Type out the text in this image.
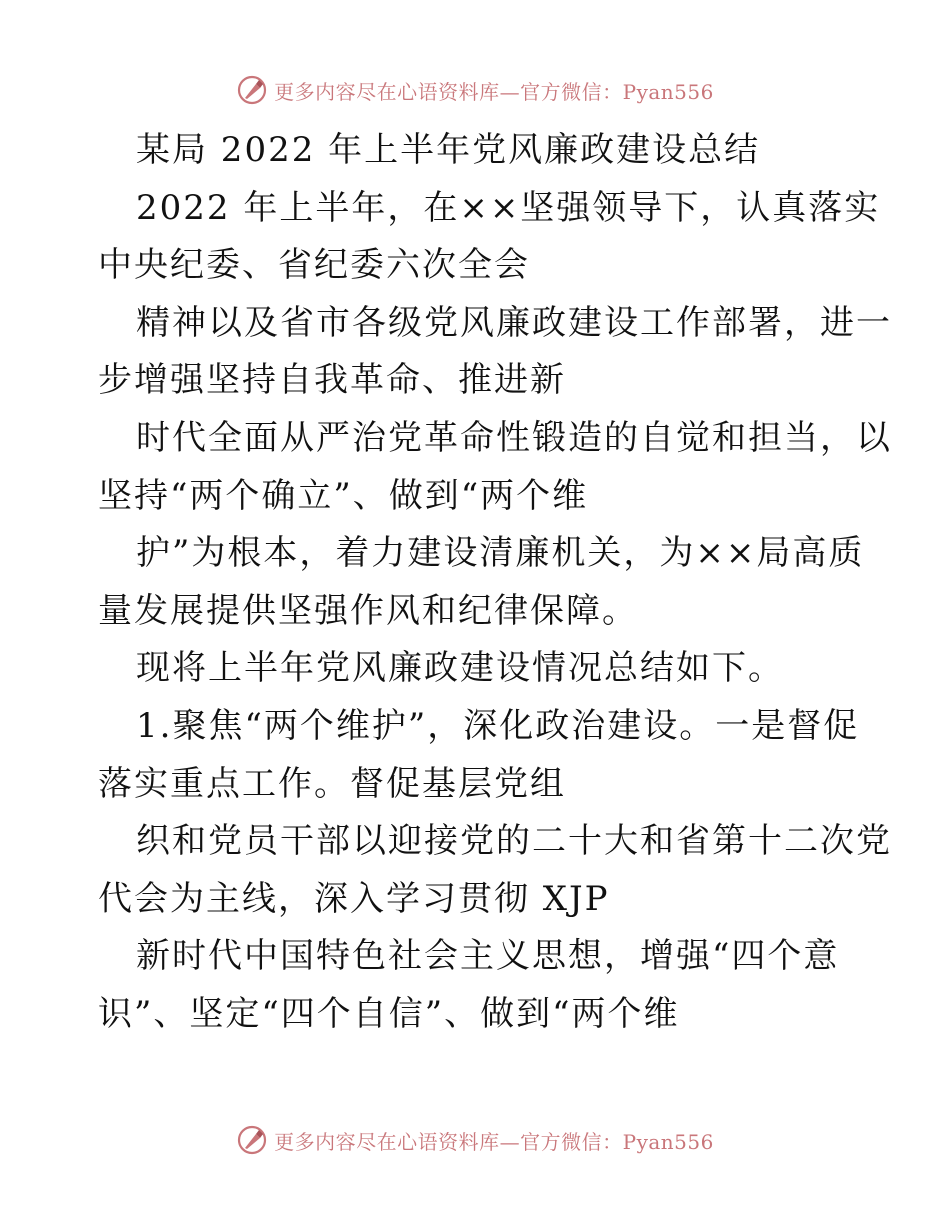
更多内容尽在心语资料库—官方微信：Pyan556
某局 2022 年上半年党风廉政建设总结
2022 年上半年，在××坚强领导下，认真落实
中央纪委、省纪委六次全会
精神以及省市各级党风廉政建设工作部署，进一
步增强坚持自我革命、推进新
时代全面从严治党革命性锻造的自觉和担当，以
坚持“两个确立”、做到“两个维
护”为根本，着力建设清廉机关，为××局高质
量发展提供坚强作风和纪律保障。
现将上半年党风廉政建设情况总结如下。
1.聚焦“两个维护”，深化政治建设。一是督促
落实重点工作。督促基层党组
织和党员干部以迎接党的二十大和省第十二次党
代会为主线，深入学习贯彻 XJP
新时代中国特色社会主义思想，增强“四个意
识”、坚定“四个自信”、做到“两个维
更多内容尽在心语资料库—官方微信：Pyan556
